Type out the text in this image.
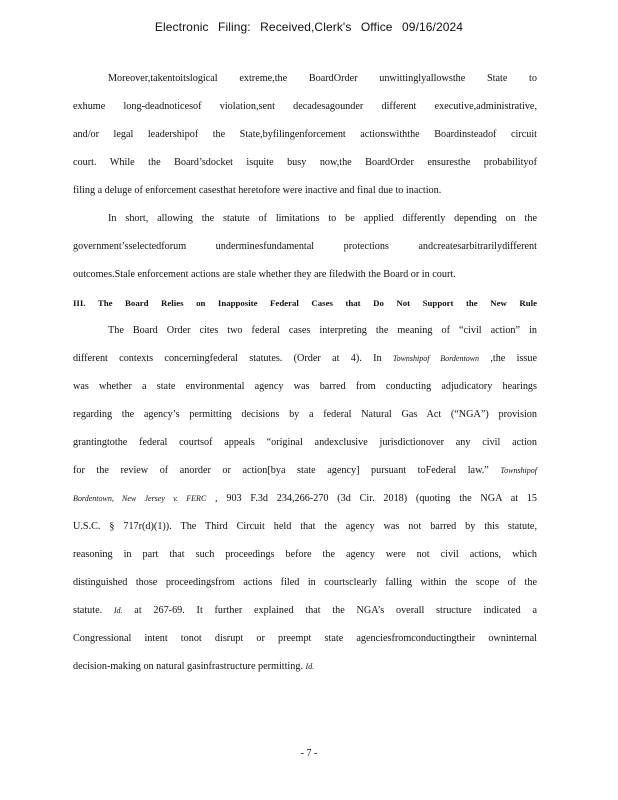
Electronic Filing: Received,Clerk's Office 09/16/2024
Moreover,takentoitslogical extreme,the BoardOrder unwittinglyallowsthe State to
exhume long-deadnoticesof violation,sent decadesagounder different executive,administrative,
and/or legal leadershipof the State,byfilingenforcement actionswiththe Boardinsteadof circuit
court. While the Board’sdocket isquite busy now,the BoardOrder ensuresthe probabilityof
filing a deluge of enforcement casesthat heretofore were inactive and final due to inaction.
In short, allowing the statute of limitations to be applied differently depending on the
government’sselectedforum underminesfundamental protections andcreatesarbitrarilydifferent
outcomes.Stale enforcement actions are stale whether they are filedwith the Board or in court.
III. The Board Relies on Inapposite Federal Cases that Do Not Support the New Rule
The Board Order cites two federal cases interpreting the meaning of “civil action” in
different contexts concerningfederal statutes. (Order at 4). In Townshipof Bordentown ,the issue
was whether a state environmental agency was barred from conducting adjudicatory hearings
regarding the agency’s permitting decisions by a federal Natural Gas Act (“NGA”) provision
grantingtothe federal courtsof appeals “original andexclusive jurisdictionover any civil action
for the review of anorder or action[bya state agency] pursuant toFederal law.” Townshipof
Bordentown, New Jersey v. FERC , 903 F.3d 234,266-270 (3d Cir. 2018) (quoting the NGA at 15
U.S.C. § 717r(d)(1)). The Third Circuit held that the agency was not barred by this statute,
reasoning in part that such proceedings before the agency were not civil actions, which
distinguished those proceedingsfrom actions filed in courtsclearly falling within the scope of the
statute. Id. at 267-69. It further explained that the NGA’s overall structure indicated a
Congressional intent tonot disrupt or preempt state agenciesfromconductingtheir owninternal
decision-making on natural gasinfrastructure permitting. Id.
- 7 -
